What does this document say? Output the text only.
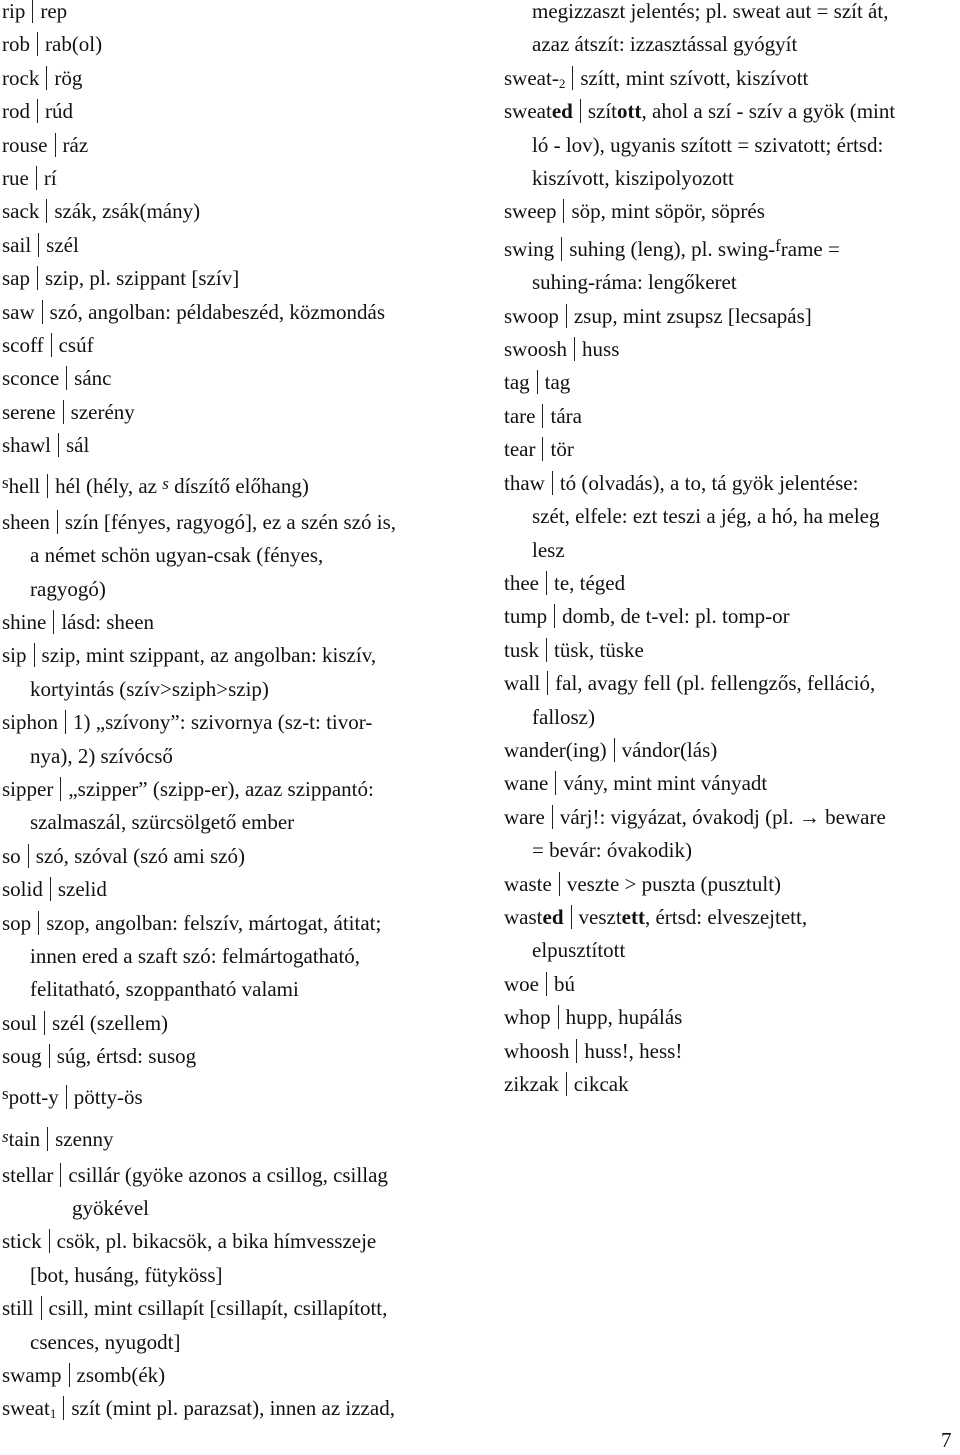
rip rep

rob rab(ol)

rock rög

rod rúd

rouse ráz

rue rí

sack szák, zsák(mány)

sail szél

sap szip, pl. szippant [szív]

saw szó, angolban: példabeszéd, közmondás

scoff csúf

sconce sánc

serene szerény

shawl sál

$^s$hell hél (hély, az s díszítő előhang)

sheen szín [fényes, ragyogó], ez a szén szó is,
a német schön ugyan-csak (fényes,
ragyogó)

shine lásd: sheen

sip szip, mint szippant, az angolban: kiszív,
kortyintás (szív>sziph>szip)

siphon 1) „szívony”: szivornya (sz-t: tivor-
nya), 2) szívócső

sipper „szipper” (szipp-er), azaz szippantó:
szalmaszál, szürcsölgető ember

so szó, szóval (szó ami szó)

solid szelid

sop szop, angolban: felszív, mártogat, átitat;
innen ered a szaft szó: felmártogatható,
felitatható, szoppantható valami

soul szél (szellem)

soug súg, értsd: susog

$^s$pott-y pötty-ös

stain szenny

stellar csillár (gyöke azonos a csillog, csillag
gyökével

stick csök, pl. bikacsök, a bika hímvesszeje
[bot, husáng, fütyköss]

still csill, mint csillapít [csillapít, csillapított,
csences, nyugodt]

swamp zsomb(ék)

sweat$_1$ szít (mint pl. parazsat), innen az izzad,

megizzaszt jelentés; pl. sweat aut = szít át,
azaz átszít: izzasztással gyógyít

sweat-$_2$ szítt, mint szívott, kiszívott

sweated szított, ahol a szí - szív a gyök (mint
ló - lov), ugyanis szított = szivatott; értsd:
kiszívott, kiszipolyozott

sweep söp, mint söpör, söprés

swing suhing (leng), pl. swing-$^f$rame =
suhing-ráma: lengőkeret

swoop zsup, mint zsupsz [lecsapás]

swoosh huss

tag tag

tare tára

tear tör

thaw tó (olvadás), a to, tá gyök jelentése:
szét, elfele: ezt teszi a jég, a hó, ha meleg
lesz

thee te, téged

tump domb, de t-vel: pl. tomp-or

tusk tüsk, tüske

wall fal, avagy fell (pl. fellengzős, felláció,
fallosz)

wander(ing) vándor(lás)

wane vány, mint mint ványadt

ware várj!: vigyázat, óvakodj (pl. → beware
= bevár: óvakodik)

waste veszte > puszta (pusztult)

wasted vesztett, értsd: elveszejtett,
elpusztított

woe bú

whop hupp, hupálás

whoosh huss!, hess!

zikzak cikcak

7
